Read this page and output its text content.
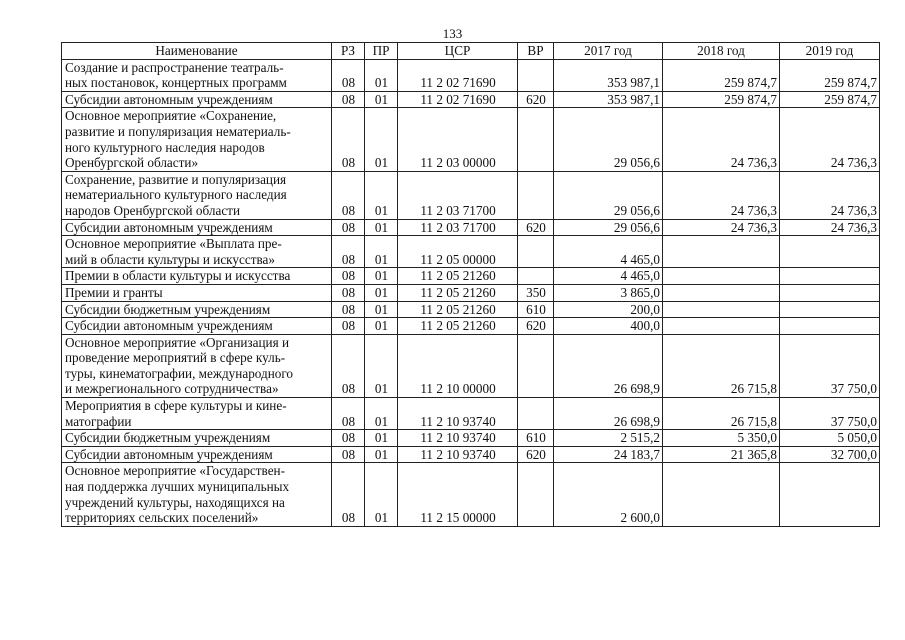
133
Наименование	РЗ	ПР	ЦСР	ВР	2017 год	2018 год	2019 год
Создание и распространение театраль-
ных постановок, концертных программ	08	01	11 2 02 71690		353 987,1	259 874,7	259 874,7
Субсидии автономным учреждениям	08	01	11 2 02 71690	620	353 987,1	259 874,7	259 874,7
Основное мероприятие «Сохранение,
развитие и популяризация нематериаль-
ного культурного наследия народов
Оренбургской области»	08	01	11 2 03 00000		29 056,6	24 736,3	24 736,3
Сохранение, развитие и популяризация
нематериального культурного наследия
народов Оренбургской области	08	01	11 2 03 71700		29 056,6	24 736,3	24 736,3
Субсидии автономным учреждениям	08	01	11 2 03 71700	620	29 056,6	24 736,3	24 736,3
Основное мероприятие «Выплата пре-
мий в области культуры и искусства»	08	01	11 2 05 00000		4 465,0		
Премии в области культуры и искусства	08	01	11 2 05 21260		4 465,0		
Премии и гранты	08	01	11 2 05 21260	350	3 865,0		
Субсидии бюджетным учреждениям	08	01	11 2 05 21260	610	200,0		
Субсидии автономным учреждениям	08	01	11 2 05 21260	620	400,0		
Основное мероприятие «Организация и
проведение мероприятий в сфере куль-
туры, кинематографии, международного
и межрегионального сотрудничества»	08	01	11 2 10 00000		26 698,9	26 715,8	37 750,0
Мероприятия в сфере культуры и кине-
матографии	08	01	11 2 10 93740		26 698,9	26 715,8	37 750,0
Субсидии бюджетным учреждениям	08	01	11 2 10 93740	610	2 515,2	5 350,0	5 050,0
Субсидии автономным учреждениям	08	01	11 2 10 93740	620	24 183,7	21 365,8	32 700,0
Основное мероприятие «Государствен-
ная поддержка лучших муниципальных
учреждений культуры, находящихся на
территориях сельских поселений»	08	01	11 2 15 00000		2 600,0		
